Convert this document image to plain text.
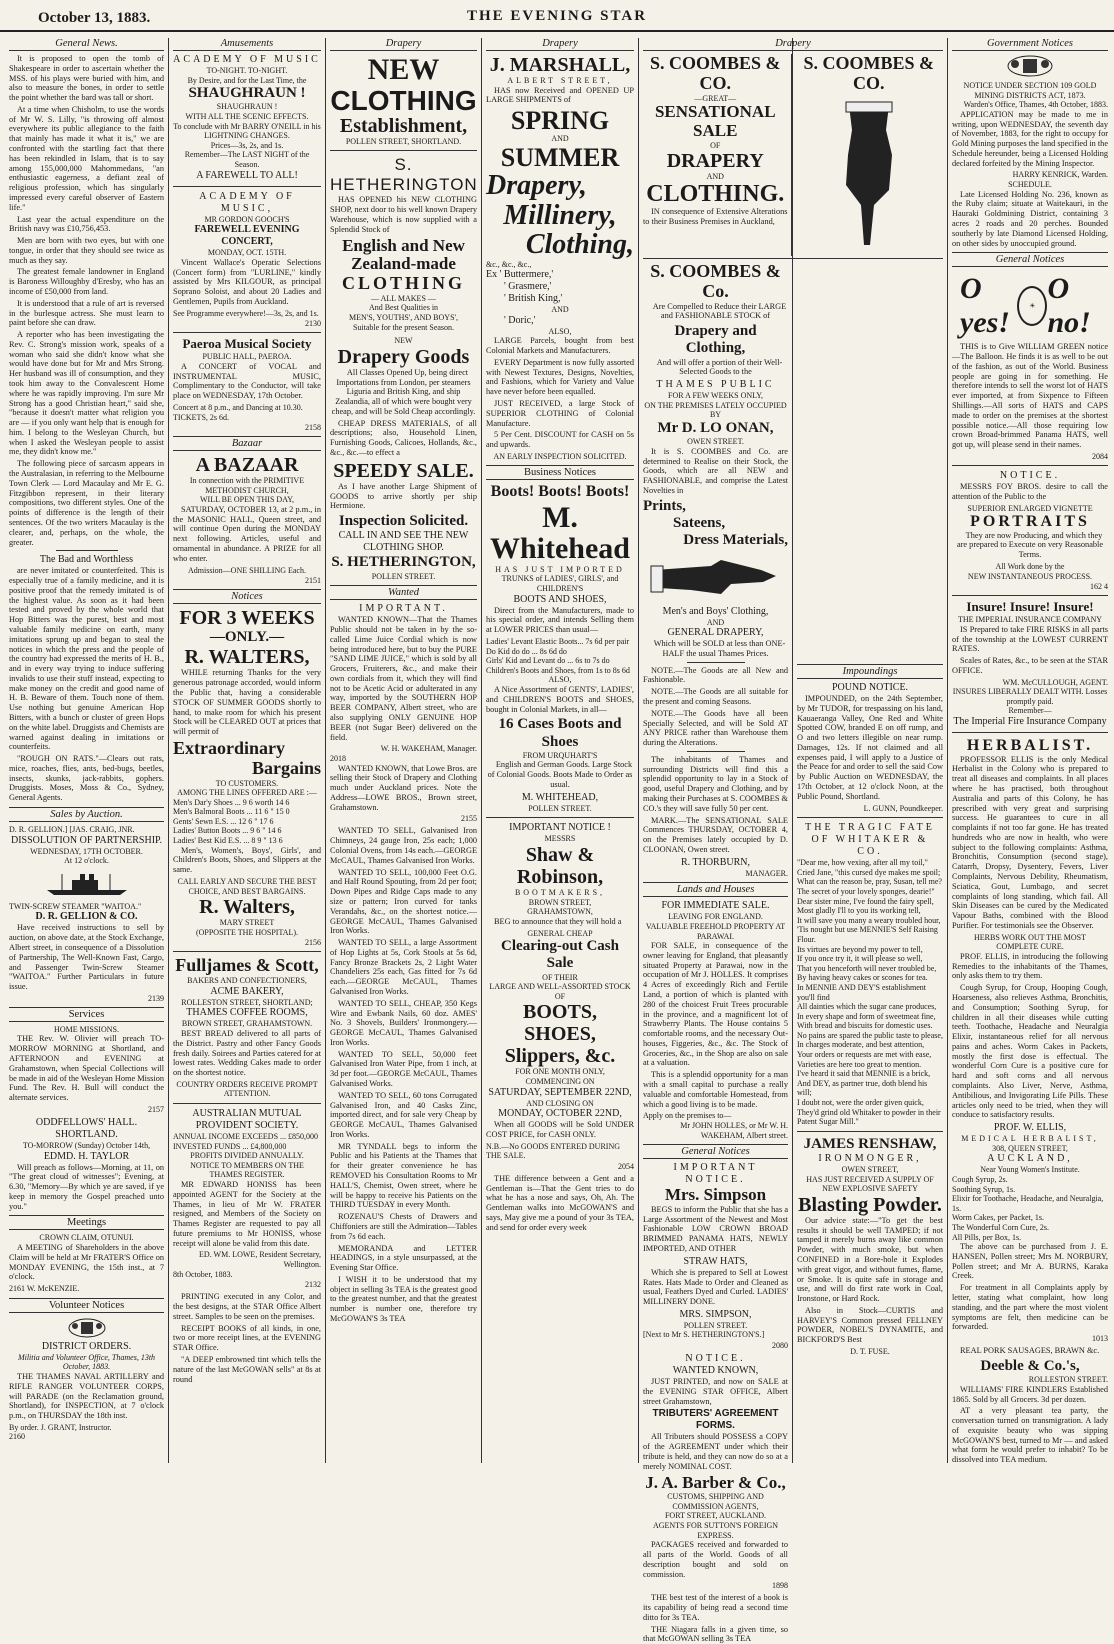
October 13, 1883.	THE EVENING STAR
General News.

It is proposed to open the tomb of Shakespeare in order to ascertain whether the MSS. of his plays were buried with him, and also to measure the bones, in order to settle the point whether the bard was tall or short.

At a time when Chisholm, to use the words of Mr W. S. Lilly, "is throwing off almost everywhere its public allegiance to the faith that mainly has made it what it is," we are confronted with the startling fact that there has been rekindled in Islam, that is to say among 155,000,000 Mahommedans, "an enthusiastic eagerness, a defiant zeal of religious profession, which has singularly impressed every careful observer of Eastern life."

Last year the actual expenditure on the British navy was £10,756,453.

Men are born with two eyes, but with one tongue, in order that they should see twice as much as they say.

The greatest female landowner in England is Baroness Willoughby d'Eresby, who has an income of £50,000 from land.

It is understood that a rule of art is reversed in the burlesque actress. She must learn to paint before she can draw.

A reporter who has been investigating the Rev. C. Strong's mission work, speaks of a woman who said she didn't know what she would have done but for Mr and Mrs Strong. Her husband was ill of consumption, and they took him away to the Convalescent Home where he was rapidly improving. I'm sure Mr Strong has a good Christian heart," said she, "because it doesn't matter what religion you are — if you only want help that is enough for him. I belong to the Wesleyan Church, but when I asked the Wesleyan people to assist me, they didn't know me."

The following piece of sarcasm appears in the Australasian, in referring to the Melbourne Town Clerk — Lord Macaulay and Mr E. G. Fitzgibbon represent, in their literary compositions, two different styles. One of the points of difference is the length of their sentences. Of the two writers Macaulay is the clearer, and, perhaps, on the whole, the greater.

The Bad and Worthless

are never imitated or counterfeited. This is especially true of a family medicine, and it is positive proof that the remedy imitated is of the highest value. As soon as it had been tested and proved by the whole world that Hop Bitters was the purest, best and most valuable family medicine on earth, many imitations sprung up and began to steal the notices in which the press and the people of the country had expressed the merits of H. B., and in every way trying to induce suffering invalids to use their stuff instead, expecting to make money on the credit and good name of H. B. Beware of them. Touch none of them. Use nothing but genuine American Hop Bitters, with a bunch or cluster of green Hops on the white label. Druggists and Chemists are warned against dealing in imitations or counterfeits.

"ROUGH ON RATS."—Clears out rats, mice, roaches, flies, ants, bed-bugs, beetles, insects, skunks, jack-rabbits, gophers. Druggists. Moses, Moss & Co., Sydney, General Agents.

Sales by Auction.
D. R. GELLION.] [JAS. CRAIG, JNR.
DISSOLUTION OF PARTNERSHIP.
WEDNESDAY, 17TH OCTOBER.
At 12 o'clock.
TWIN-SCREW STEAMER "WAITOA."
D. R. GELLION & CO.

Have received instructions to sell by auction, on above date, at the Stock Exchange, Albert street, in consequence of a Dissolution of Partnership, The Well-Known Fast, Cargo, and Passenger Twin-Screw Steamer "WAITOA." Further Particulars in future issue.

2139
Services
HOME MISSIONS.

THE Rev. W. Olivier will preach TO-MORROW MORNING at Shortland, and AFTERNOON and EVENING at Grahamstown, when Special Collections will be made in aid of the Wesleyan Home Mission Fund. The Rev. H. Bull will conduct the alternate services.

2157
ODDFELLOWS' HALL. SHORTLAND.
TO-MORROW (Sunday) October 14th,
EDMD. H. TAYLOR

Will preach as follows—Morning, at 11, on "The great cloud of witnesses"; Evening, at 6.30, "Memory—By which ye are saved, if ye keep in memory the Gospel preached unto you."

Meetings
CROWN CLAIM, OTUNUI.

A MEETING of Shareholders in the above Claim will be held at Mr FRATER'S Office on MONDAY EVENING, the 15th inst., at 7 o'clock.

2161 W. McKENZIE.
Volunteer Notices
DISTRICT ORDERS.
Militia and Volunteer Office, Thames, 13th October, 1883.

THE THAMES NAVAL ARTILLERY and RIFLE RANGER VOLUNTEER CORPS, will PARADE (on the Reclamation ground, Shortland), for INSPECTION, at 7 o'clock p.m., on THURSDAY the 18th inst.

By order. J. GRANT, Instructor.
2160
Amusements
ACADEMY OF MUSIC
TO-NIGHT. TO-NIGHT.
By Desire, and for the Last Time, the
SHAUGHRAUN !
SHAUGHRAUN !
WITH ALL THE SCENIC EFFECTS.
To conclude with Mr BARRY O'NEILL in his LIGHTNING CHANGES.
Prices—3s, 2s, and 1s.
Remember—The LAST NIGHT of the Season.
A FAREWELL TO ALL!
ACADEMY OF MUSIC,
MR GORDON GOOCH'S
FAREWELL EVENING CONCERT,
MONDAY, OCT. 15TH.

Vincent Wallace's Operatic Selections (Concert form) from "LURLINE," kindly assisted by Mrs KILGOUR, as principal Soprano Soloist, and about 20 Ladies and Gentlemen, Pupils from Auckland.

See Programme everywhere!—3s, 2s, and 1s.
2130
Paeroa Musical Society
PUBLIC HALL, PAEROA.

A CONCERT of VOCAL and INSTRUMENTAL MUSIC, Complimentary to the Conductor, will take place on WEDNESDAY, 17th October.

Concert at 8 p.m., and Dancing at 10.30. TICKETS, 2s 6d.
2158
Bazaar
A BAZAAR
In connection with the PRIMITIVE METHODIST CHURCH,
WILL BE OPEN THIS DAY,

SATURDAY, OCTOBER 13, at 2 p.m., in the MASONIC HALL, Queen street, and will continue Open during the MONDAY next following. Articles, useful and ornamental in abundance. A PRIZE for all who enter.

Admission—ONE SHILLING Each.
2151
Notices
FOR 3 WEEKS
—ONLY.—
R. WALTERS,

WHILE returning Thanks for the very generous patronage accorded, would inform the Public that, having a considerable STOCK OF SUMMER GOODS shortly to hand, to make room for which his present Stock will be CLEARED OUT at prices that will permit of

Extraordinary
Bargains
TO CUSTOMERS.
AMONG THE LINES OFFERED ARE :—
Men's Dar'y Shoes ... 9 6 worth 14 6
Men's Balmoral Boots ... 11 6 " 15 0
Gents' Sewn E.S. ... 12 6 " 17 6
Ladies' Button Boots ... 9 6 " 14 6
Ladies' Best Kid E.S. ... 8 9 " 13 6

Men's, Women's, Boys', Girls', and Children's Boots, Shoes, and Slippers at the same.

CALL EARLY AND SECURE THE BEST CHOICE, AND BEST BARGAINS.
R. Walters,
MARY STREET
(OPPOSITE THE HOSPITAL).
2156
Fulljames & Scott,
BAKERS AND CONFECTIONERS,
ACME BAKERY,
ROLLESTON STREET, SHORTLAND;
THAMES COFFEE ROOMS,
BROWN STREET, GRAHAMSTOWN.

BEST BREAD delivered to all parts of the District. Pastry and other Fancy Goods fresh daily. Soirees and Parties catered for at lowest rates. Wedding Cakes made to order on the shortest notice.

COUNTRY ORDERS RECEIVE PROMPT ATTENTION.
AUSTRALIAN MUTUAL PROVIDENT SOCIETY.
ANNUAL INCOME EXCEEDS ... £850,000
INVESTED FUNDS ... £4,800,000
PROFITS DIVIDED ANNUALLY.
NOTICE TO MEMBERS ON THE THAMES REGISTER.

MR EDWARD HONISS has been appointed AGENT for the Society at the Thames, in lieu of Mr W. FRATER resigned, and Members of the Society on Thames Register are requested to pay all future premiums to Mr HONISS, whose receipt will alone be valid from this date.

ED. WM. LOWE, Resident Secretary, Wellington.
8th October, 1883.
2132

PRINTING executed in any Color, and the best designs, at the STAR Office Albert street. Samples to be seen on the premises.

RECEIPT BOOKS of all kinds, in one, two or more receipt lines, at the EVENING STAR Office.

"A DEEP embrowned tint which tells the nature of the last McGOWAN sells" at 8s at round

Drapery
NEW
CLOTHING
Establishment,
POLLEN STREET, SHORTLAND.
S. HETHERINGTON

HAS OPENED his NEW CLOTHING SHOP, next door to his well known Drapery Warehouse, which is now supplied with a Splendid Stock of

English and New
Zealand-made
CLOTHING
— ALL MAKES —
And Best Qualities in
MEN'S, YOUTHS', AND BOYS',
Suitable for the present Season.
NEW
Drapery Goods

All Classes Opened Up, being direct Importations from London, per steamers Liguria and British King, and ship Zealandia, all of which were bought very cheap, and will be Sold Cheap accordingly.

CHEAP DRESS MATERIALS, of all descriptions; also, Household Linen, Furnishing Goods, Calicoes, Hollands, &c., &c., &c.—to effect a

SPEEDY SALE.

As I have another Large Shipment of GOODS to arrive shortly per ship Hermione.

Inspection Solicited.
CALL IN AND SEE THE NEW CLOTHING SHOP.
S. HETHERINGTON,
POLLEN STREET.
Wanted
IMPORTANT.

WANTED KNOWN—That the Thames Public should not be taken in by the so-called Lime Juice Cordial which is now being introduced here, but to buy the PURE "SAND LIME JUICE," which is sold by all Grocers, Fruiterers, &c., and make their own cordials from it, which they will find not to be Acetic Acid or adulterated in any way, imported by the SOUTHERN HOP BEER COMPANY, Albert street, who are also supplying ONLY GENUINE HOP BEER (not Sugar Beer) delivered on the field.

W. H. WAKEHAM, Manager.
2018

WANTED KNOWN, that Lowe Bros. are selling their Stock of Drapery and Clothing much under Auckland prices. Note the Address—LOWE BROS., Brown street, Grahamstown.

2155

WANTED TO SELL, Galvanised Iron Chimneys, 24 gauge Iron, 25s each; 1,000 Colonial Ovens, from 14s each.—GEORGE McCAUL, Thames Galvanised Iron Works.

WANTED TO SELL, 100,000 Feet O.G. and Half Round Spouting, from 2d per foot; Down Pipes and Ridge Caps made to any size or pattern; Iron curved for tanks Verandahs, &c., on the shortest notice.—GEORGE McCAUL, Thames Galvanised Iron Works.

WANTED TO SELL, a large Assortment of Hop Lights at 5s, Cork Stools at 5s 6d, Fancy Bronze Brackets 2s, 2 Light Water Chandeliers 25s each, Gas fitted for 7s 6d each.—GEORGE McCAUL, Thames Galvanised Iron Works.

WANTED TO SELL, CHEAP, 350 Kegs Wire and Ewbank Nails, 60 doz. AMES' No. 3 Shovels, Builders' Ironmongery.—GEORGE McCAUL, Thames Galvanised Iron Works.

WANTED TO SELL, 50,000 feet Galvanised Iron Water Pipe, from 1 inch, at 3d per foot.—GEORGE McCAUL, Thames Galvanised Works.

WANTED TO SELL, 60 tons Corrugated Galvanised Iron, and 40 Casks Zinc, imported direct, and for sale very Cheap by GEORGE McCAUL, Thames Galvanised Iron Works.

MR TYNDALL begs to inform the Public and his Patients at the Thames that for their greater convenience he has REMOVED his Consultation Rooms to Mr HALL'S, Chemist, Owen street, where he will be happy to receive his Patients on the THIRD TUESDAY in every Month.

ROZENAU'S Chests of Drawers and Chiffoniers are still the Admiration—Tables from 7s 6d each.

MEMORANDA and LETTER HEADINGS, in a style unsurpassed, at the Evening Star Office.

I WISH it to be understood that my object in selling 3s TEA is the greatest good to the greatest number, and that the greatest number is number one, therefore try McGOWAN'S 3s TEA

Drapery
J. MARSHALL,
ALBERT STREET,

HAS now Received and OPENED UP LARGE SHIPMENTS of

SPRING
AND
SUMMER
Drapery,
Millinery,
Clothing,
&c., &c., &c.,
Ex ' Buttermere,'
' Grasmere,'
' British King,'
AND
' Doric,'
ALSO,

LARGE Parcels, bought from best Colonial Markets and Manufacturers.

EVERY Department is now fully assorted with Newest Textures, Designs, Novelties, and Fashions, which for Variety and Value have never before been equalled.

JUST RECEIVED, a large Stock of SUPERIOR CLOTHING of Colonial Manufacture.

5 Per Cent. DISCOUNT for CASH on 5s and upwards.

AN EARLY INSPECTION SOLICITED.
Business Notices
Boots! Boots! Boots!
M. Whitehead
HAS JUST IMPORTED
TRUNKS of LADIES', GIRLS', and CHILDREN'S
BOOTS AND SHOES,

Direct from the Manufacturers, made to his special order, and intends Selling them at LOWER PRICES than usual—

Ladies' Levant Elastic Boots... 7s 6d per pair
Do Kid do do ... 8s 6d do
Girls' Kid and Levant do ... 6s to 7s do
Children's Boots and Shoes, from 1s to 8s 6d
ALSO,

A Nice Assortment of GENTS', LADIES', and CHILDREN'S BOOTS and SHOES, bought in Colonial Markets, in all—

16 Cases Boots and Shoes
FROM URQUHART'S

English and German Goods. Large Stock of Colonial Goods. Boots Made to Order as usual.

M. WHITEHEAD,
POLLEN STREET.
IMPORTANT NOTICE !
MESSRS
Shaw & Robinson,
BOOTMAKERS,
BROWN STREET,
GRAHAMSTOWN,

BEG to announce that they will hold a

GENERAL CHEAP
Clearing-out Cash Sale
OF THEIR
LARGE AND WELL-ASSORTED STOCK
OF
BOOTS, SHOES,
Slippers, &c.
FOR ONE MONTH ONLY,
COMMENCING ON
SATURDAY, SEPTEMBER 22ND,
AND CLOSING ON
MONDAY, OCTOBER 22ND,

When all GOODS will be Sold UNDER COST PRICE, for CASH ONLY.

N.B.—No GOODS ENTERED DURING THE SALE.
2054

THE difference between a Gent and a Gentleman is—That the Gent tries to do what he has a nose and says, Oh, Ah. The Gentleman walks into McGOWAN'S and says, May give me a pound of your 3s TEA, and send for order every week

Drapery
S. COOMBES & CO.
—GREAT—
SENSATIONAL SALE
OF
DRAPERY
AND
CLOTHING.

IN consequence of Extensive Alterations to their Business Premises in Auckland,

S. COOMBES & CO.
S. COOMBES & Co.

Are Compelled to Reduce their LARGE and FASHIONABLE STOCK of

Drapery and Clothing,

And will offer a portion of their Well-Selected Goods to the

THAMES PUBLIC
FOR A FEW WEEKS ONLY,
ON THE PREMISES LATELY OCCUPIED BY
Mr D. LO ONAN,
OWEN STREET.

It is S. COOMBES and Co. are determined to Realise on their Stock, the Goods, which are all NEW and FASHIONABLE, and comprise the Latest Novelties in

Prints,
Sateens,
Dress Materials,
Men's and Boys' Clothing,
AND
GENERAL DRAPERY,

Which will be SOLD at less than ONE-HALF the usual Thames Prices.

NOTE.—The Goods are all New and Fashionable.

NOTE.—The Goods are all suitable for the present and coming Seasons.

NOTE.—The Goods have all been Specially Selected, and will be Sold AT ANY PRICE rather than Warehouse them during the Alterations.

The inhabitants of Thames and surrounding Districts will find this a splendid opportunity to lay in a Stock of good, useful Drapery and Clothing, and by making their Purchases at S. COOMBES & CO.'s they will save fully 50 per cent.

MARK.—The SENSATIONAL SALE Commences THURSDAY, OCTOBER 4, on the Premises lately occupied by D. CLOONAN, Owen street.

R. THORBURN,
MANAGER.
Lands and Houses
FOR IMMEDIATE SALE.
LEAVING FOR ENGLAND.
VALUABLE FREEHOLD PROPERTY AT PARAWAI.

FOR SALE, in consequence of the owner leaving for England, that pleasantly situated Property at Parawai, now in the occupation of Mr J. HOLLES. It comprises 4 Acres of exceedingly Rich and Fertile Land, a portion of which is planted with 280 of the choicest Fruit Trees procurable in the province, and a magnificent lot of Strawberry Plants. The House contains 5 comfortable rooms, and the necessary Out-houses, Figgeries, &c., &c. The Stock of Groceries, &c., in the Shop are also on sale at a valuation.

This is a splendid opportunity for a man with a small capital to purchase a really valuable and comfortable Homestead, from which a good living is to be made.

Apply on the premises to—
Mr JOHN HOLLES, or Mr W. H. WAKEHAM, Albert street.
General Notices
IMPORTANT NOTICE.
Mrs. Simpson

BEGS to inform the Public that she has a Large Assortment of the Newest and Most Fashionable LOW CROWN BROAD BRIMMED PANAMA HATS, NEWLY IMPORTED, AND OTHER

STRAW HATS,

Which she is prepared to Sell at Lowest Rates. Hats Made to Order and Cleaned as usual, Feathers Dyed and Curled. LADIES' MILLINERY DONE.

MRS. SIMPSON,
POLLEN STREET.
[Next to Mr S. HETHERINGTON'S.]
2080
NOTICE.
WANTED KNOWN,

JUST PRINTED, and now on SALE at the EVENING STAR OFFICE, Albert street Grahamstown,

TRIBUTERS' AGREEMENT FORMS.

All Tributers should POSSESS a COPY of the AGREEMENT under which their tribute is held, and they can now do so at a merely NOMINAL COST.

J. A. Barber & Co.,
CUSTOMS, SHIPPING AND COMMISSION AGENTS,
FORT STREET, AUCKLAND.
AGENTS FOR SUTTON'S FOREIGN EXPRESS.

PACKAGES received and forwarded to all parts of the World. Goods of all description bought and sold on commission.

1898

THE best test of the interest of a book is its capability of being read a second time ditto for 3s TEA.

THE Niagara falls in a given time, so that McGOWAN selling 3s TEA

Impoundings
POUND NOTICE.

IMPOUNDED, on the 24th September, by Mr TUDOR, for trespassing on his land, Kauaeranga Valley, One Red and White Spotted COW, branded E on off rump, and O and two letters illegible on near rump. Damages, 12s. If not claimed and all expenses paid, I will apply to a Justice of the Peace for and order to sell the said Cow by Public Auction on WEDNESDAY, the 17th October, at 12 o'clock Noon, at the Public Pound, Shortland.

L. GUNN, Poundkeeper.
THE TRAGIC FATE OF WHITAKER & CO.
"Dear me, how vexing, after all my toil,"
Cried Jane, "this cursed dye makes me spoil;
What can the reason be, pray, Susan, tell me?
The secret of your lovely sponges, dearie!"
Dear sister mine, I've found the fairy spell,
Most gladly I'll to you its working tell,
It will save you many a weary troubled hour,
'Tis nought but use MENNIE'S Self Raising Flour.
Its virtues are beyond my power to tell,
If you once try it, it will please so well,
That you henceforth will never troubled be,
By having heavy cakes or scones for tea.
In MENNIE AND DEY'S establishment you'll find
All dainties which the sugar cane produces,
In every shape and form of sweetmeat fine,
With bread and biscuits for domestic uses.
No pains are spared the public taste to please,
In charges moderate, and best attention,
Your orders or requests are met with ease,
Varieties are here too great to mention.
I've heard it said that MENNIE is a brick,
And DEY, as partner true, doth blend his will;
I doubt not, were the order given quick,
They'd grind old Whitaker to powder in their Patent Sugar Mill."
JAMES RENSHAW,
IRONMONGER,
OWEN STREET,
HAS JUST RECEIVED A SUPPLY OF
NEW EXPLOSIVE SAFETY
Blasting Powder.

Our advice state:—"To get the best results it should be well TAMPED; if not tamped it merely burns away like common Powder, with much smoke, but when CONFINED in a Bore-hole it Explodes with great vigor, and without fumes, flame, or Smoke. It is quite safe in storage and use, and will do first rate work in Coal, Ironstone, or Hard Rock.

Also in Stock—CURTIS and HARVEY'S Common pressed FELLNEY POWDER, NOBEL'S DYNAMITE, and BICKFORD'S Best

D. T. FUSE.
Government Notices
NOTICE UNDER SECTION 109 GOLD MINING DISTRICTS ACT, 1873.
Warden's Office, Thames, 4th October, 1883.

APPLICATION may be made to me in writing, upon WEDNESDAY, the seventh day of November, 1883, for the right to occupy for Gold Mining purposes the land specified in the Schedule hereunder, being a Licensed Holding declared forfeited by the Mining Inspector.

HARRY KENRICK, Warden.
SCHEDULE.

Late Licensed Holding No. 236, known as the Ruby claim; situate at Waitekauri, in the Hauraki Goldmining District, containing 3 acres 2 roads and 20 perches. Bounded southerly by late Diamond Licensed Holding, on other sides by unoccupied ground.

General Notices
O yes!	☀
O no!

THIS is to Give WILLIAM GREEN notice—The Balloon. He finds it is as well to be out of the fashion, as out of the World. Business people are going in for something. He therefore intends to sell the worst lot of HATS ever imported, at from Sixpence to Fifteen Shillings.—All sorts of HATS and CAPS made to order on the premises at the shortest possible notice.—All those requiring low crown Broad-brimmed Panama HATS, well got up, will please send in their names.

2084
NOTICE.

MESSRS FOY BROS. desire to call the attention of the Public to the

SUPERIOR ENLARGED VIGNETTE
PORTRAITS

They are now Producing, and which they are prepared to Execute on very Reasonable Terms.

All Work done by the
NEW INSTANTANEOUS PROCESS.
162 4
Insure! Insure! Insure!
THE IMPERIAL INSURANCE COMPANY

IS Prepared to take FIRE RISKS in all parts of the township at the LOWEST CURRENT RATES.

Scales of Rates, &c., to be seen at the STAR OFFICE.

WM. McCULLOUGH, AGENT.
INSURES LIBERALLY DEALT WITH. Losses promptly paid.
Remember—
The Imperial Fire Insurance Company
HERBALIST.

PROFESSOR ELLIS is the only Medical Herbalist in the Colony who is prepared to treat all diseases and complaints. In all places where he has practised, both throughout Australia and parts of this Colony, he has prescribed with very great and surprising success. He guarantees to cure in all complaints if not too far gone. He has treated hundreds who are now in health, who were subject to the following complaints: Asthma, Bronchitis, Consumption (second stage), Catarrh, Dropsy, Dysentery, Fevers, Liver Complaints, Nervous Debility, Rheumatism, Sciatica, Gout, Lumbago, and secret complaints of long standing, which fail. All Skin Diseases can be cured by the Medicated Vapour Baths, combined with the Blood Purifier. For testimonials see the Observer.

HERBS WORK OUT THE MOST COMPLETE CURE.

PROF. ELLIS, in introducing the following Remedies to the inhabitants of the Thames, only asks them to try them.

Cough Syrup, for Croup, Hooping Cough, Hoarseness, also relieves Asthma, Bronchitis, and Consumption; Soothing Syrup, for children in all their diseases while cutting teeth. Toothache, Headache and Neuralgia Elixir, instantaneous relief for all nervous pains and aches. Worm Cakes in Packets, mostly the first dose is effectual. The wonderful Corn Cure is a positive cure for hard and soft corns and all nervous complaints. Also Liver, Nerve, Asthma, Antibilious, and Invigorating Life Pills. These articles only need to be tried, when they will conduce to satisfactory results.

PROF. W. ELLIS,
MEDICAL HERBALIST,
308, QUEEN STREET,
AUCKLAND,
Near Young Women's Institute.
Cough Syrup, 2s.
Soothing Syrup, 1s.
Elixir for Toothache, Headache, and Neuralgia, 1s.
Worm Cakes, per Packet, 1s.
The Wonderful Corn Cure, 2s.
All Pills, per Box, 1s.

The above can be purchased from J. E. HANSEN, Pollen street; Mrs M. NORBURY, Pollen street; and Mr A. BURNS, Karaka Creek.

For treatment in all Complaints apply by letter, stating what complaint, how long standing, and the part where the most violent symptoms are felt, then medicine can be forwarded.

1013

REAL PORK SAUSAGES, BRAWN &c.

Deeble & Co.'s,
ROLLESTON STREET.

WILLIAMS' FIRE KINDLERS Established 1865. Sold by all Grocers. 3d per dozen.

AT a very pleasant tea party, the conversation turned on transmigration. A lady of exquisite beauty who was sipping McGOWAN'S best, turned to Mr — and asked what form he would prefer to inhabit? To be dissolved into TEA medium.
